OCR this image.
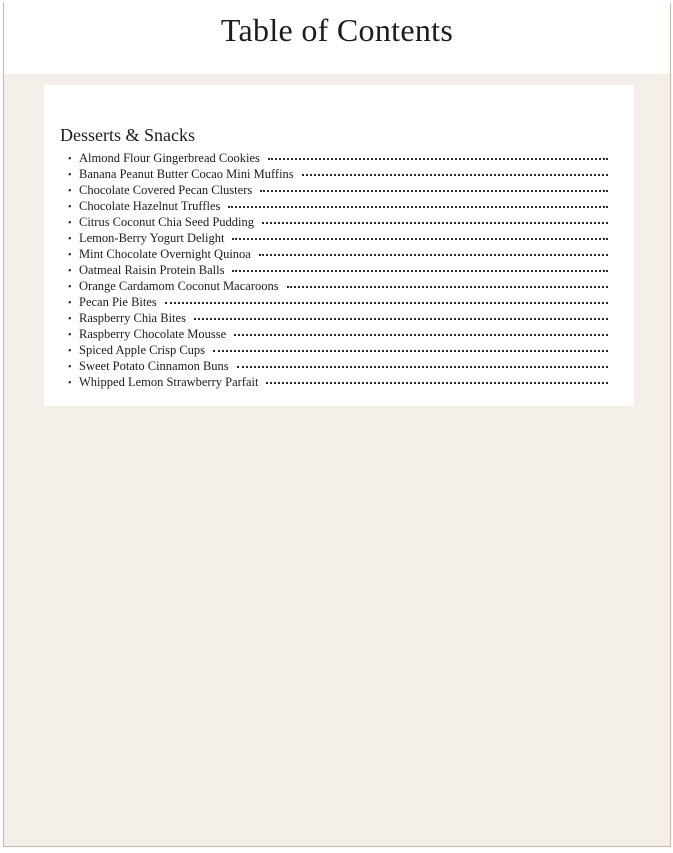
Table of Contents
Desserts & Snacks
• Almond Flour Gingerbread Cookies
• Banana Peanut Butter Cocao Mini Muffins
• Chocolate Covered Pecan Clusters
• Chocolate Hazelnut Truffles
• Citrus Coconut Chia Seed Pudding
• Lemon-Berry Yogurt Delight
• Mint Chocolate Overnight Quinoa
• Oatmeal Raisin Protein Balls
• Orange Cardamom Coconut Macaroons
• Pecan Pie Bites
• Raspberry Chia Bites
• Raspberry Chocolate Mousse
• Spiced Apple Crisp Cups
• Sweet Potato Cinnamon Buns
• Whipped Lemon Strawberry Parfait
